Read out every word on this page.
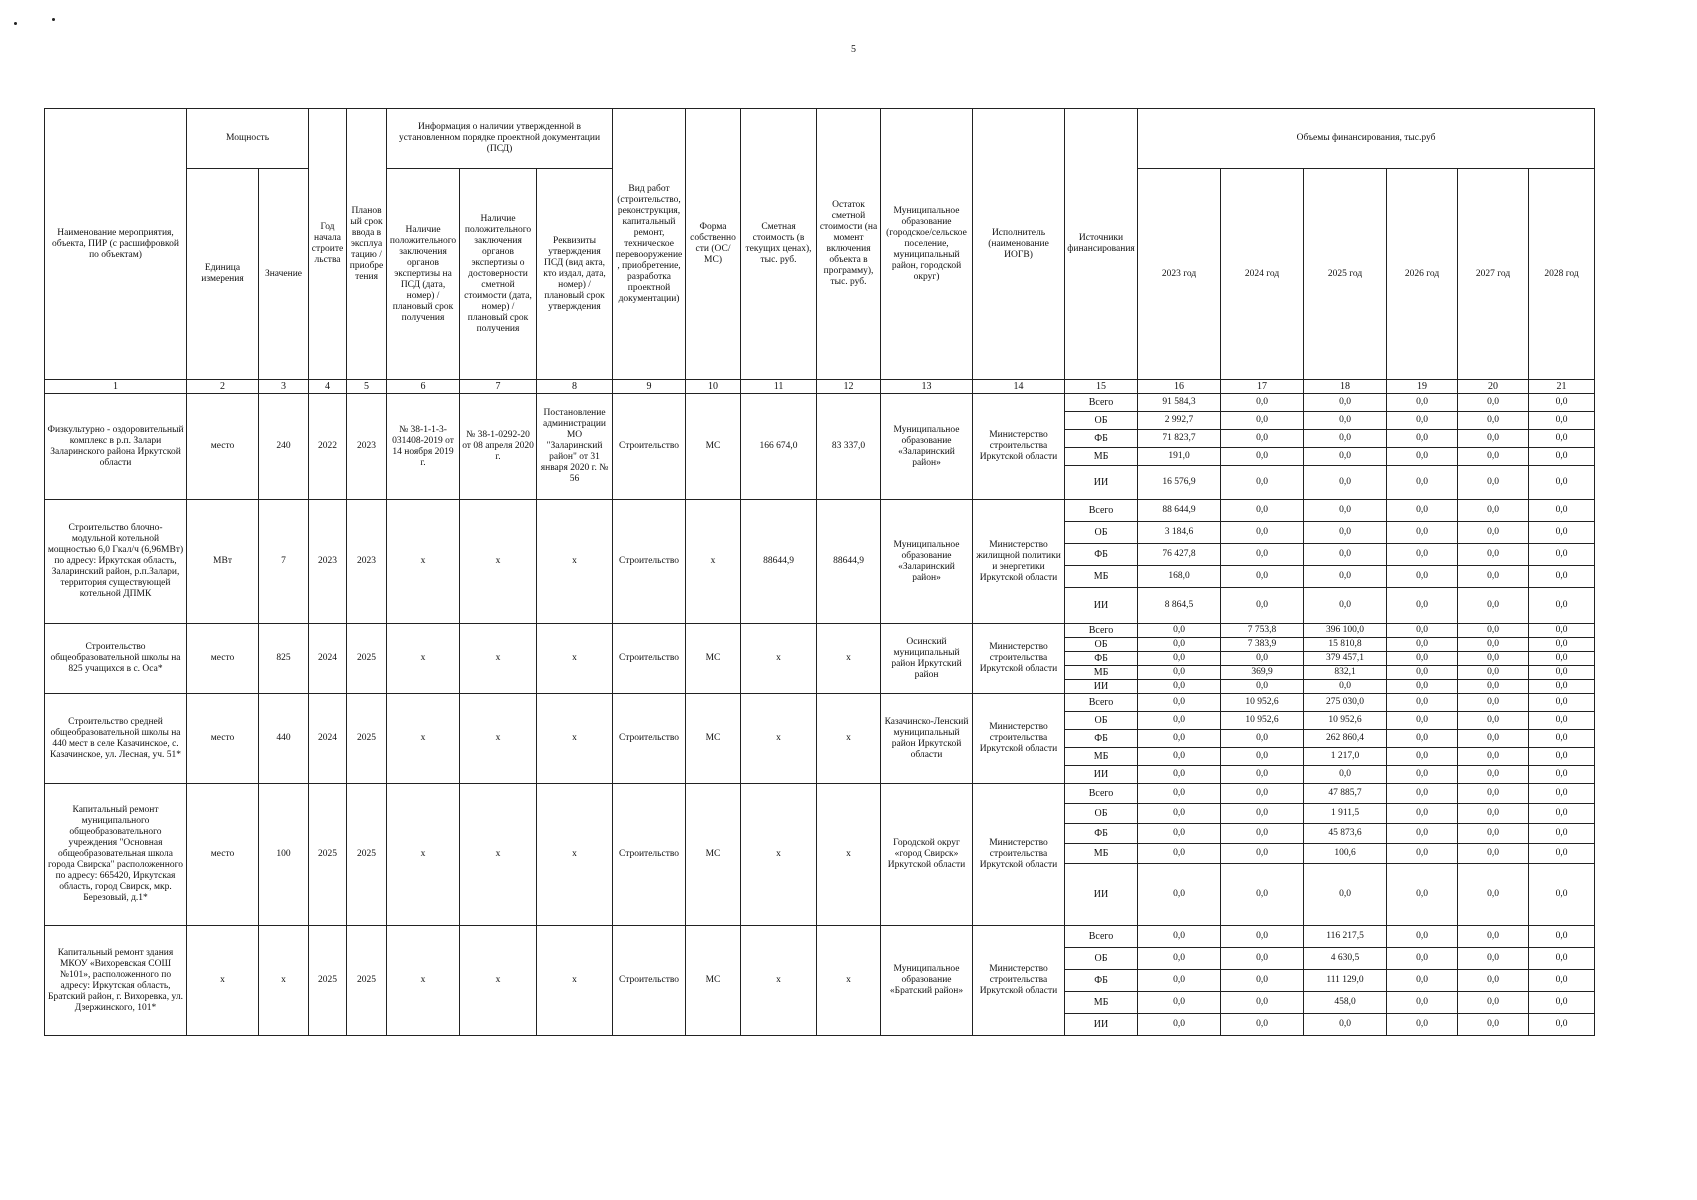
5
Наименование мероприятия, объекта, ПИР (с расшифровкой по объектам)	Мощность		Год начала строительства	Плановый срок ввода в эксплуатацию / приобретения	Информация о наличии утвержденной в установленном порядке проектной документации (ПСД)			Вид работ (строительство, реконструкция, капитальный ремонт, техническое перевооружение, приобретение, разработка проектной документации)	Форма собственности (ОС/МС)	Сметная стоимость (в текущих ценах), тыс. руб.	Остаток сметной стоимости (на момент включения объекта в программу), тыс. руб.	Муниципальное образование (городское/сельское поселение, муниципальный район, городской округ)	Исполнитель (наименование ИОГВ)	Источники финансирования	Объемы финансирования, тыс.руб					
	Единица измерения	Значение			Наличие положительного заключения органов экспертизы на ПСД (дата, номер) / плановый срок получения	Наличие положительного заключения органов экспертизы о достоверности сметной стоимости (дата, номер) / плановый срок получения	Реквизиты утверждения ПСД (вид акта, кто издал, дата, номер) / плановый срок утверждения								2023 год	2024 год	2025 год	2026 год	2027 год	2028 год
1	2	3	4	5	6	7	8	9	10	11	12	13	14	15	16	17	18	19	20	21
Физкультурно - оздоровительный комплекс в р.п. Залари Заларинского района Иркутской области	место	240	2022	2023	№ 38-1-1-3-031408-2019 от 14 ноября 2019 г.	№ 38-1-0292-20 от 08 апреля 2020 г.	Постановление администрации МО "Заларинский район" от 31 января 2020 г. № 56	Строительство	МС	166 674,0	83 337,0	Муниципальное образование «Заларинский район»	Министерство строительства Иркутской области	Всего	91 584,3	0,0	0,0	0,0	0,0	0,0
														ОБ	2 992,7	0,0	0,0	0,0	0,0	0,0
														ФБ	71 823,7	0,0	0,0	0,0	0,0	0,0
														МБ	191,0	0,0	0,0	0,0	0,0	0,0
														ИИ	16 576,9	0,0	0,0	0,0	0,0	0,0
Строительство блочно-модульной котельной мощностью 6,0 Гкал/ч (6,96МВт) по адресу: Иркутская область, Заларинский район, р.п.Залари, территория существующей котельной ДПМК	МВт	7	2023	2023	х	х	х	Строительство	х	88644,9	88644,9	Муниципальное образование «Заларинский район»	Министерство жилищной политики и энергетики Иркутской области	Всего	88 644,9	0,0	0,0	0,0	0,0	0,0
														ОБ	3 184,6	0,0	0,0	0,0	0,0	0,0
														ФБ	76 427,8	0,0	0,0	0,0	0,0	0,0
														МБ	168,0	0,0	0,0	0,0	0,0	0,0
														ИИ	8 864,5	0,0	0,0	0,0	0,0	0,0
Строительство общеобразовательной школы на 825 учащихся в с. Оса*	место	825	2024	2025	х	х	х	Строительство	МС	х	х	Осинский муниципальный район Иркутский район	Министерство строительства Иркутской области	Всего	0,0	7 753,8	396 100,0	0,0	0,0	0,0
														ОБ	0,0	7 383,9	15 810,8	0,0	0,0	0,0
														ФБ	0,0	0,0	379 457,1	0,0	0,0	0,0
														МБ	0,0	369,9	832,1	0,0	0,0	0,0
														ИИ	0,0	0,0	0,0	0,0	0,0	0,0
Строительство средней общеобразовательной школы на 440 мест в селе Казачинское, с. Казачинское, ул. Лесная, уч. 51*	место	440	2024	2025	х	х	х	Строительство	МС	х	х	Казачинско-Ленский муниципальный район Иркутской области	Министерство строительства Иркутской области	Всего	0,0	10 952,6	275 030,0	0,0	0,0	0,0
														ОБ	0,0	10 952,6	10 952,6	0,0	0,0	0,0
														ФБ	0,0	0,0	262 860,4	0,0	0,0	0,0
														МБ	0,0	0,0	1 217,0	0,0	0,0	0,0
														ИИ	0,0	0,0	0,0	0,0	0,0	0,0
Капитальный ремонт муниципального общеобразовательного учреждения "Основная общеобразовательная школа города Свирска" расположенного по адресу: 665420, Иркутская область, город Свирск, мкр. Березовый, д.1*	место	100	2025	2025	х	х	х	Строительство	МС	х	х	Городской округ «город Свирск» Иркутской области	Министерство строительства Иркутской области	Всего	0,0	0,0	47 885,7	0,0	0,0	0,0
														ОБ	0,0	0,0	1 911,5	0,0	0,0	0,0
														ФБ	0,0	0,0	45 873,6	0,0	0,0	0,0
														МБ	0,0	0,0	100,6	0,0	0,0	0,0
														ИИ	0,0	0,0	0,0	0,0	0,0	0,0
Капитальный ремонт здания МКОУ «Вихоревская СОШ №101», расположенного по адресу: Иркутская область, Братский район, г. Вихоревка, ул. Дзержинского, 101*	х	х	2025	2025	х	х	х	Строительство	МС	х	х	Муниципальное образование «Братский район»	Министерство строительства Иркутской области	Всего	0,0	0,0	116 217,5	0,0	0,0	0,0
														ОБ	0,0	0,0	4 630,5	0,0	0,0	0,0
														ФБ	0,0	0,0	111 129,0	0,0	0,0	0,0
														МБ	0,0	0,0	458,0	0,0	0,0	0,0
														ИИ	0,0	0,0	0,0	0,0	0,0	0,0
